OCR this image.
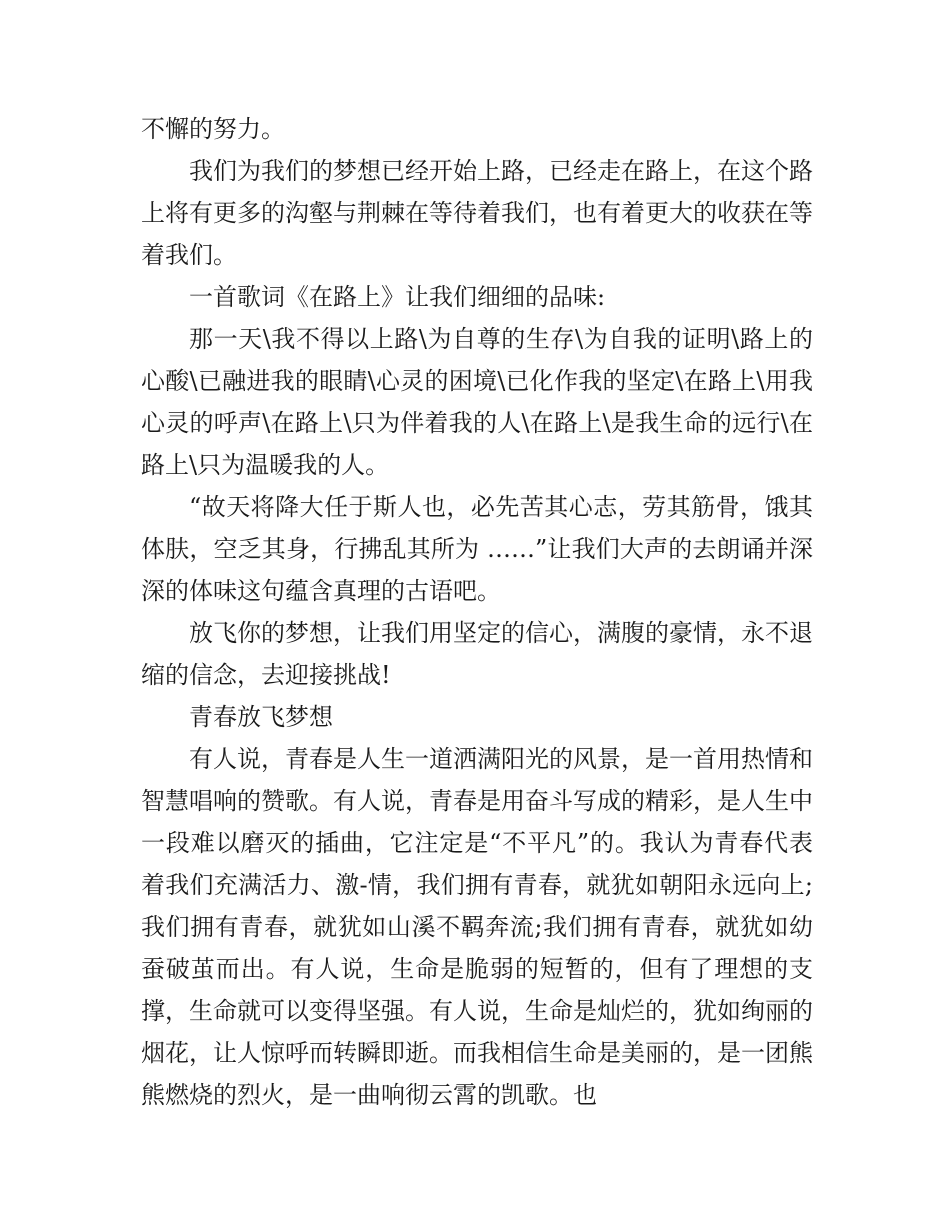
不懈的努力。

我们为我们的梦想已经开始上路，已经走在路上，在这个路上将有更多的沟壑与荆棘在等待着我们，也有着更大的收获在等着我们。

一首歌词《在路上》让我们细细的品味:

那一天\我不得以上路\为自尊的生存\为自我的证明\路上的心酸\已融进我的眼睛\心灵的困境\已化作我的坚定\在路上\用我心灵的呼声\在路上\只为伴着我的人\在路上\是我生命的远行\在路上\只为温暖我的人。

“故天将降大任于斯人也，必先苦其心志，劳其筋骨，饿其体肤，空乏其身，行拂乱其所为 ……”让我们大声的去朗诵并深深的体味这句蕴含真理的古语吧。

放飞你的梦想，让我们用坚定的信心，满腹的豪情，永不退缩的信念，去迎接挑战!

青春放飞梦想

有人说，青春是人生一道洒满阳光的风景，是一首用热情和智慧唱响的赞歌。有人说，青春是用奋斗写成的精彩，是人生中一段难以磨灭的插曲，它注定是“不平凡”的。我认为青春代表着我们充满活力、激-情，我们拥有青春，就犹如朝阳永远向上;我们拥有青春，就犹如山溪不羁奔流;我们拥有青春，就犹如幼蚕破茧而出。有人说，生命是脆弱的短暂的，但有了理想的支撑，生命就可以变得坚强。有人说，生命是灿烂的，犹如绚丽的烟花，让人惊呼而转瞬即逝。而我相信生命是美丽的，是一团熊熊燃烧的烈火，是一曲响彻云霄的凯歌。也
